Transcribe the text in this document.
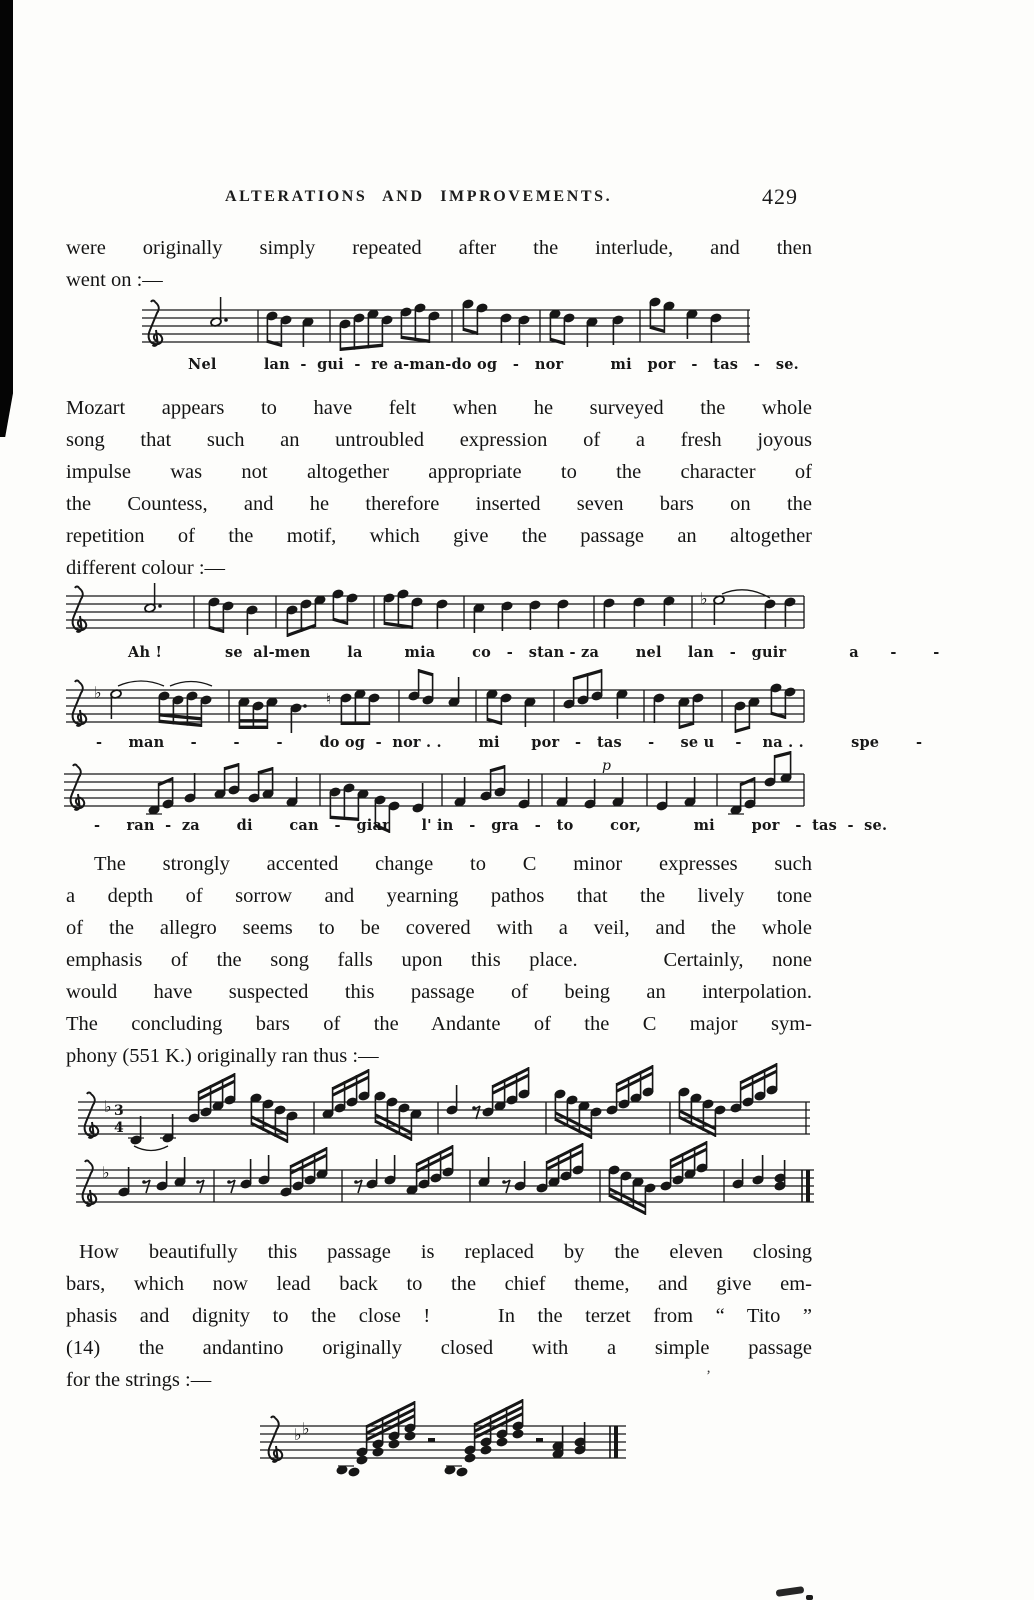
’
ALTERATIONS AND IMPROVEMENTS.	429
were originally simply repeated after the interlude, and then
went on :—
Nel         lan  -  gui  -  re a-man-do og   -   nor         mi   por   -   tas   -   se.
Mozart appears to have felt when he surveyed the whole
song that such an untroubled expression of a fresh joyous
impulse was not altogether appropriate to the character of
the Countess, and he therefore inserted seven bars on the
repetition of the motif, which give the passage an altogether
different colour :—
♭
Ah !            se  al-men       la        mia       co   -   stan - za       nel     lan   -   guir            a      -       -
♭	♮
-     man     -       -       -       do og  -  nor . .       mi      por   -   tas     -     se u    -    na . .         spe       -
p
-     ran  -  za       di       can   -   giar      l' in   -   gra   -   to       cor,          mi       por   -  tas  -  se.
The strongly accented change to C minor expresses such
a depth of sorrow and yearning pathos that the lively tone
of the allegro seems to be covered with a veil, and the whole
emphasis of the song falls upon this place.   Certainly, none
would have suspected this passage of being an interpolation.
The concluding bars of the Andante of the C major sym-
phony (551 K.) originally ran thus :—
♭ 3
4
♭
How beautifully this passage is replaced by the eleven closing
bars, which now lead back to the chief theme, and give em-
phasis and dignity to the close !   In the terzet from “ Tito ”
(14) the andantino originally closed with a simple passage
for the strings :—
♭ ♭
